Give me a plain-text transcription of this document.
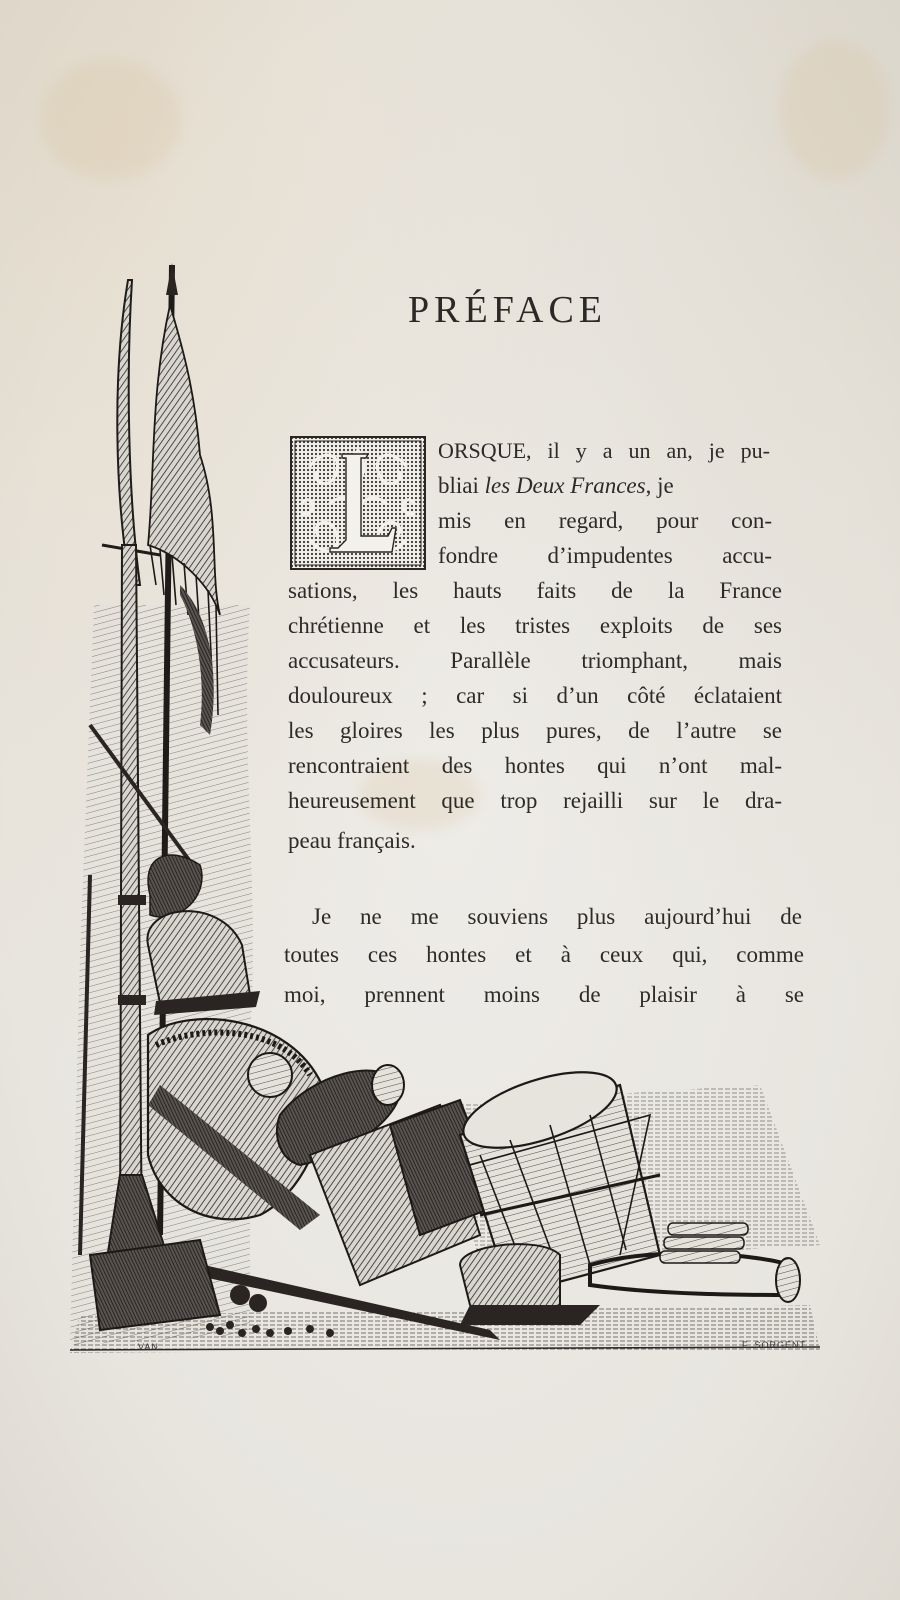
PRÉFACE

ORSQUE, il y a un an, je pu-

bliai les Deux Frances, je

mis en regard, pour con-

fondre d’impudentes accu-

sations, les hauts faits de la France

chrétienne et les tristes exploits de ses

accusateurs. Parallèle triomphant, mais

douloureux ; car si d’un côté éclataient

les gloires les plus pures, de l’autre se

rencontraient des hontes qui n’ont mal-

heureusement que trop rejailli sur le dra-

peau français.

Je ne me souviens plus aujourd’hui de

toutes ces hontes et à ceux qui, comme

moi, prennent moins de plaisir à se

VAN	F. SORGENT
